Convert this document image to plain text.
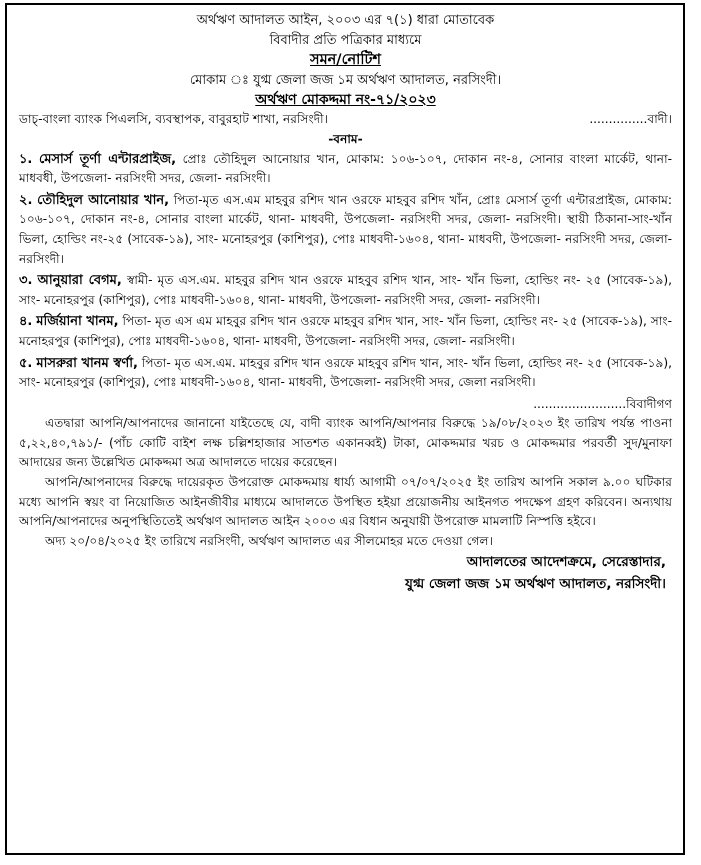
অর্থঋণ আদালত আইন, ২০০৩ এর ৭(১) ধারা মোতাবেক
বিবাদীর প্রতি পত্রিকার মাধ্যমে
সমন/নোটিশ
মোকাম ঃ যুগ্ম জেলা জজ ১ম অর্থঋণ আদালত, নরসিংদী।
অর্থঋণ মোকদ্দমা নং-৭১/২০২৩
ডাচ্-বাংলা ব্যাংক পিএলসি, ব্যবস্থাপক, বাবুরহাট শাখা, নরসিংদী।	...............বাদী।
-বনাম-
১. মেসার্স তূর্ণা এন্টারপ্রাইজ, প্রোঃ তৌহিদুল আনোয়ার খান, মোকাম: ১০৬-১০৭, দোকান নং-৪, সোনার বাংলা মার্কেট, থানা- মাধবধী, উপজেলা- নরসিংদী সদর, জেলা- নরসিংদী।
২. তৌহিদুল আনোয়ার খান, পিতা-মৃত এস.এম মাহবুর রশিদ খান ওরফে মাহবুব রশিদ খাঁন, প্রোঃ মেসার্স তূর্ণা এন্টারপ্রাইজ, মোকাম: ১০৬-১০৭, দোকান নং-৪, সোনার বাংলা মার্কেট, থানা- মাধবদী, উপজেলা- নরসিংদী সদর, জেলা- নরসিংদী। স্থায়ী ঠিকানা-সাং-খাঁন ভিলা, হোল্ডিং নং-২৫ (সাবেক-১৯), সাং- মনোহরপুর (কাশিপুর), পোঃ মাধবদী-১৬০৪, থানা- মাধবদী, উপজেলা- নরসিংদী সদর, জেলা-নরসিংদী।
৩. আনুয়ারা বেগম, স্বামী- মৃত এস.এম. মাহবুর রশিদ খান ওরফে মাহবুব রশিদ খান, সাং- খাঁন ভিলা, হোল্ডিং নং- ২৫ (সাবেক-১৯), সাং- মনোহরপুর (কাশিপুর), পোঃ মাধবদী-১৬০৪, থানা- মাধবদী, উপজেলা- নরসিংদী সদর, জেলা- নরসিংদী।
৪. মর্জিয়ানা খানম, পিতা- মৃত এস এম মাহবুর রশিদ খান ওরফে মাহবুব রশিদ খান, সাং- খাঁন ভিলা, হোল্ডিং নং- ২৫ (সাবেক-১৯), সাং- মনোহরপুর (কাশিপুর), পোঃ মাধবদী-১৬০৪, থানা- মাধবদী, উপজেলা- নরসিংদী সদর, জেলা- নরসিংদী।
৫. মাসরুরা খানম স্বর্ণা, পিতা- মৃত এস.এম. মাহবুর রশিদ খান ওরফে মাহবুব রশিদ খান, সাং- খাঁন ভিলা, হোল্ডিং নং- ২৫ (সাবেক-১৯), সাং- মনোহরপুর (কাশিপুর), পোঃ মাধবদী-১৬০৪, থানা- মাধবদী, উপজেলা- নরসিংদী সদর, জেলা নরসিংদী।
........................বিবাদীগণ
এতদ্বারা আপনি/আপনাদের জানানো যাইতেছে যে, বাদী ব্যাংক আপনি/আপনার বিরুদ্ধে ১৯/০৮/২০২৩ ইং তারিখ পর্যন্ত পাওনা ৫,২২,৪০,৭৯১/- (পাঁচ কোটি বাইশ লক্ষ চল্লিশহাজার সাতশত একানব্বই) টাকা, মোকদ্দমার খরচ ও মোকদ্দমার পরবর্তী সুদ/মুনাফা আদায়ের জন্য উল্লেখিত মোকদ্দমা অত্র আদালতে দায়ের করেছেন।
আপনি/আপনাদের বিরুদ্ধে দায়েরকৃত উপরোক্ত মোকদ্দমায় ধার্য্য আগামী ০৭/০৭/২০২৫ ইং তারিখ আপনি সকাল ৯.০০ ঘটিকার মধ্যে আপনি স্বয়ং বা নিয়োজিত আইনজীবীর মাধ্যমে আদালতে উপস্থিত হইয়া প্রয়োজনীয় আইনগত পদক্ষেপ গ্রহণ করিবেন। অন্যথায় আপনি/আপনাদের অনুপস্থিতিতেই অর্থঋণ আদালত আইন ২০০৩ এর বিধান অনুযায়ী উপরোক্ত মামলাটি নিস্পত্তি হইবে।
অদ্য ২০/০৪/২০২৫ ইং তারিখে নরসিংদী, অর্থঋণ আদালত এর সীলমোহর মতে দেওয়া গেল।
আদালতের আদেশক্রমে, সেরেস্তাদার,
যুগ্ম জেলা জজ ১ম অর্থঋণ আদালত, নরসিংদী।
